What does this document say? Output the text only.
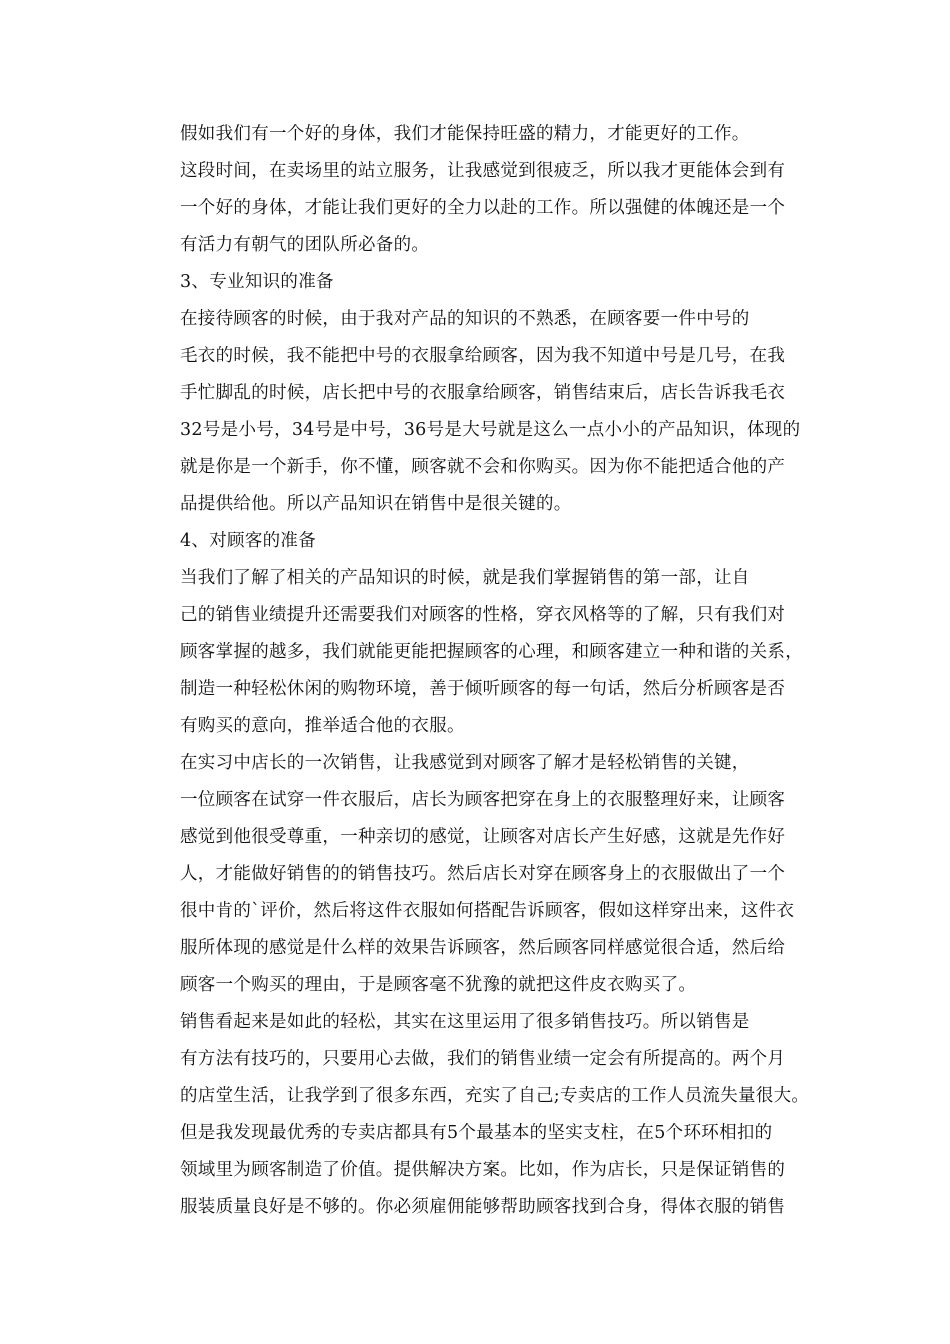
假如我们有一个好的身体，我们才能保持旺盛的精力，才能更好的工作。
这段时间，在卖场里的站立服务，让我感觉到很疲乏，所以我才更能体会到有
一个好的身体，才能让我们更好的全力以赴的工作。所以强健的体魄还是一个
有活力有朝气的团队所必备的。

3、专业知识的准备

在接待顾客的时候，由于我对产品的知识的不熟悉，在顾客要一件中号的
毛衣的时候，我不能把中号的衣服拿给顾客，因为我不知道中号是几号，在我
手忙脚乱的时候，店长把中号的衣服拿给顾客，销售结束后，店长告诉我毛衣
32号是小号，34号是中号，36号是大号就是这么一点小小的产品知识，体现的
就是你是一个新手，你不懂，顾客就不会和你购买。因为你不能把适合他的产
品提供给他。所以产品知识在销售中是很关键的。

4、对顾客的准备

当我们了解了相关的产品知识的时候，就是我们掌握销售的第一部，让自
己的销售业绩提升还需要我们对顾客的性格，穿衣风格等的了解，只有我们对
顾客掌握的越多，我们就能更能把握顾客的心理，和顾客建立一种和谐的关系，
制造一种轻松休闲的购物环境，善于倾听顾客的每一句话，然后分析顾客是否
有购买的意向，推举适合他的衣服。

在实习中店长的一次销售，让我感觉到对顾客了解才是轻松销售的关键，
一位顾客在试穿一件衣服后，店长为顾客把穿在身上的衣服整理好来，让顾客
感觉到他很受尊重，一种亲切的感觉，让顾客对店长产生好感，这就是先作好
人，才能做好销售的的销售技巧。然后店长对穿在顾客身上的衣服做出了一个
很中肯的`评价，然后将这件衣服如何搭配告诉顾客，假如这样穿出来，这件衣
服所体现的感觉是什么样的效果告诉顾客，然后顾客同样感觉很合适，然后给
顾客一个购买的理由，于是顾客毫不犹豫的就把这件皮衣购买了。

销售看起来是如此的轻松，其实在这里运用了很多销售技巧。所以销售是
有方法有技巧的，只要用心去做，我们的销售业绩一定会有所提高的。两个月
的店堂生活，让我学到了很多东西，充实了自己;专卖店的工作人员流失量很大。
但是我发现最优秀的专卖店都具有5个最基本的坚实支柱，在5个环环相扣的
领域里为顾客制造了价值。提供解决方案。比如，作为店长，只是保证销售的
服装质量良好是不够的。你必须雇佣能够帮助顾客找到合身，得体衣服的销售
